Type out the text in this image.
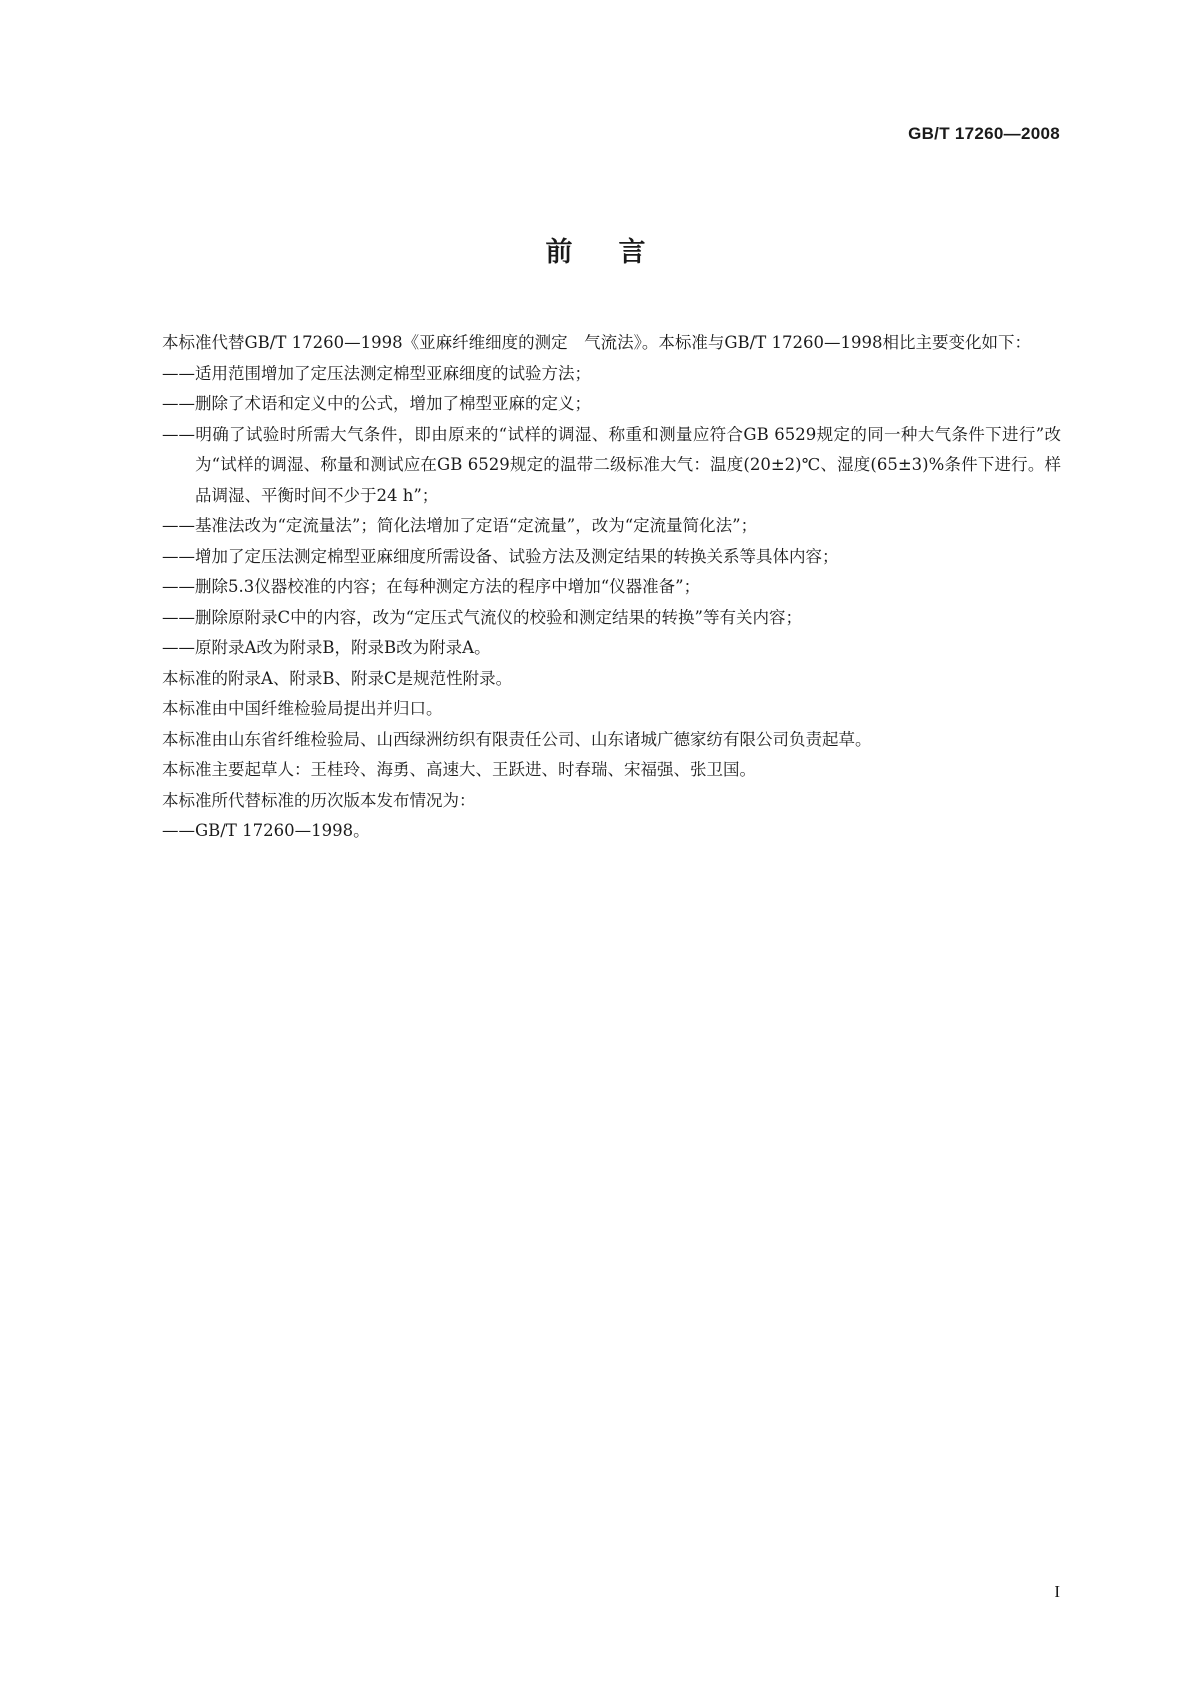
GB/T 17260—2008
前言

本标准代替GB/T 17260—1998《亚麻纤维细度的测定　气流法》。本标准与GB/T 17260—1998相比主要变化如下：

——适用范围增加了定压法测定棉型亚麻细度的试验方法；

——删除了术语和定义中的公式，增加了棉型亚麻的定义；

——明确了试验时所需大气条件，即由原来的“试样的调湿、称重和测量应符合GB 6529规定的同一种大气条件下进行”改为“试样的调湿、称量和测试应在GB 6529规定的温带二级标准大气：温度(20±2)℃、湿度(65±3)%条件下进行。样品调湿、平衡时间不少于24 h”；

——基准法改为“定流量法”；简化法增加了定语“定流量”，改为“定流量简化法”；

——增加了定压法测定棉型亚麻细度所需设备、试验方法及测定结果的转换关系等具体内容；

——删除5.3仪器校准的内容；在每种测定方法的程序中增加“仪器准备”；

——删除原附录C中的内容，改为“定压式气流仪的校验和测定结果的转换”等有关内容；

——原附录A改为附录B，附录B改为附录A。

本标准的附录A、附录B、附录C是规范性附录。

本标准由中国纤维检验局提出并归口。

本标准由山东省纤维检验局、山西绿洲纺织有限责任公司、山东诸城广德家纺有限公司负责起草。

本标准主要起草人：王桂玲、海勇、高速大、王跃进、时春瑞、宋福强、张卫国。

本标准所代替标准的历次版本发布情况为：

——GB/T 17260—1998。

I
